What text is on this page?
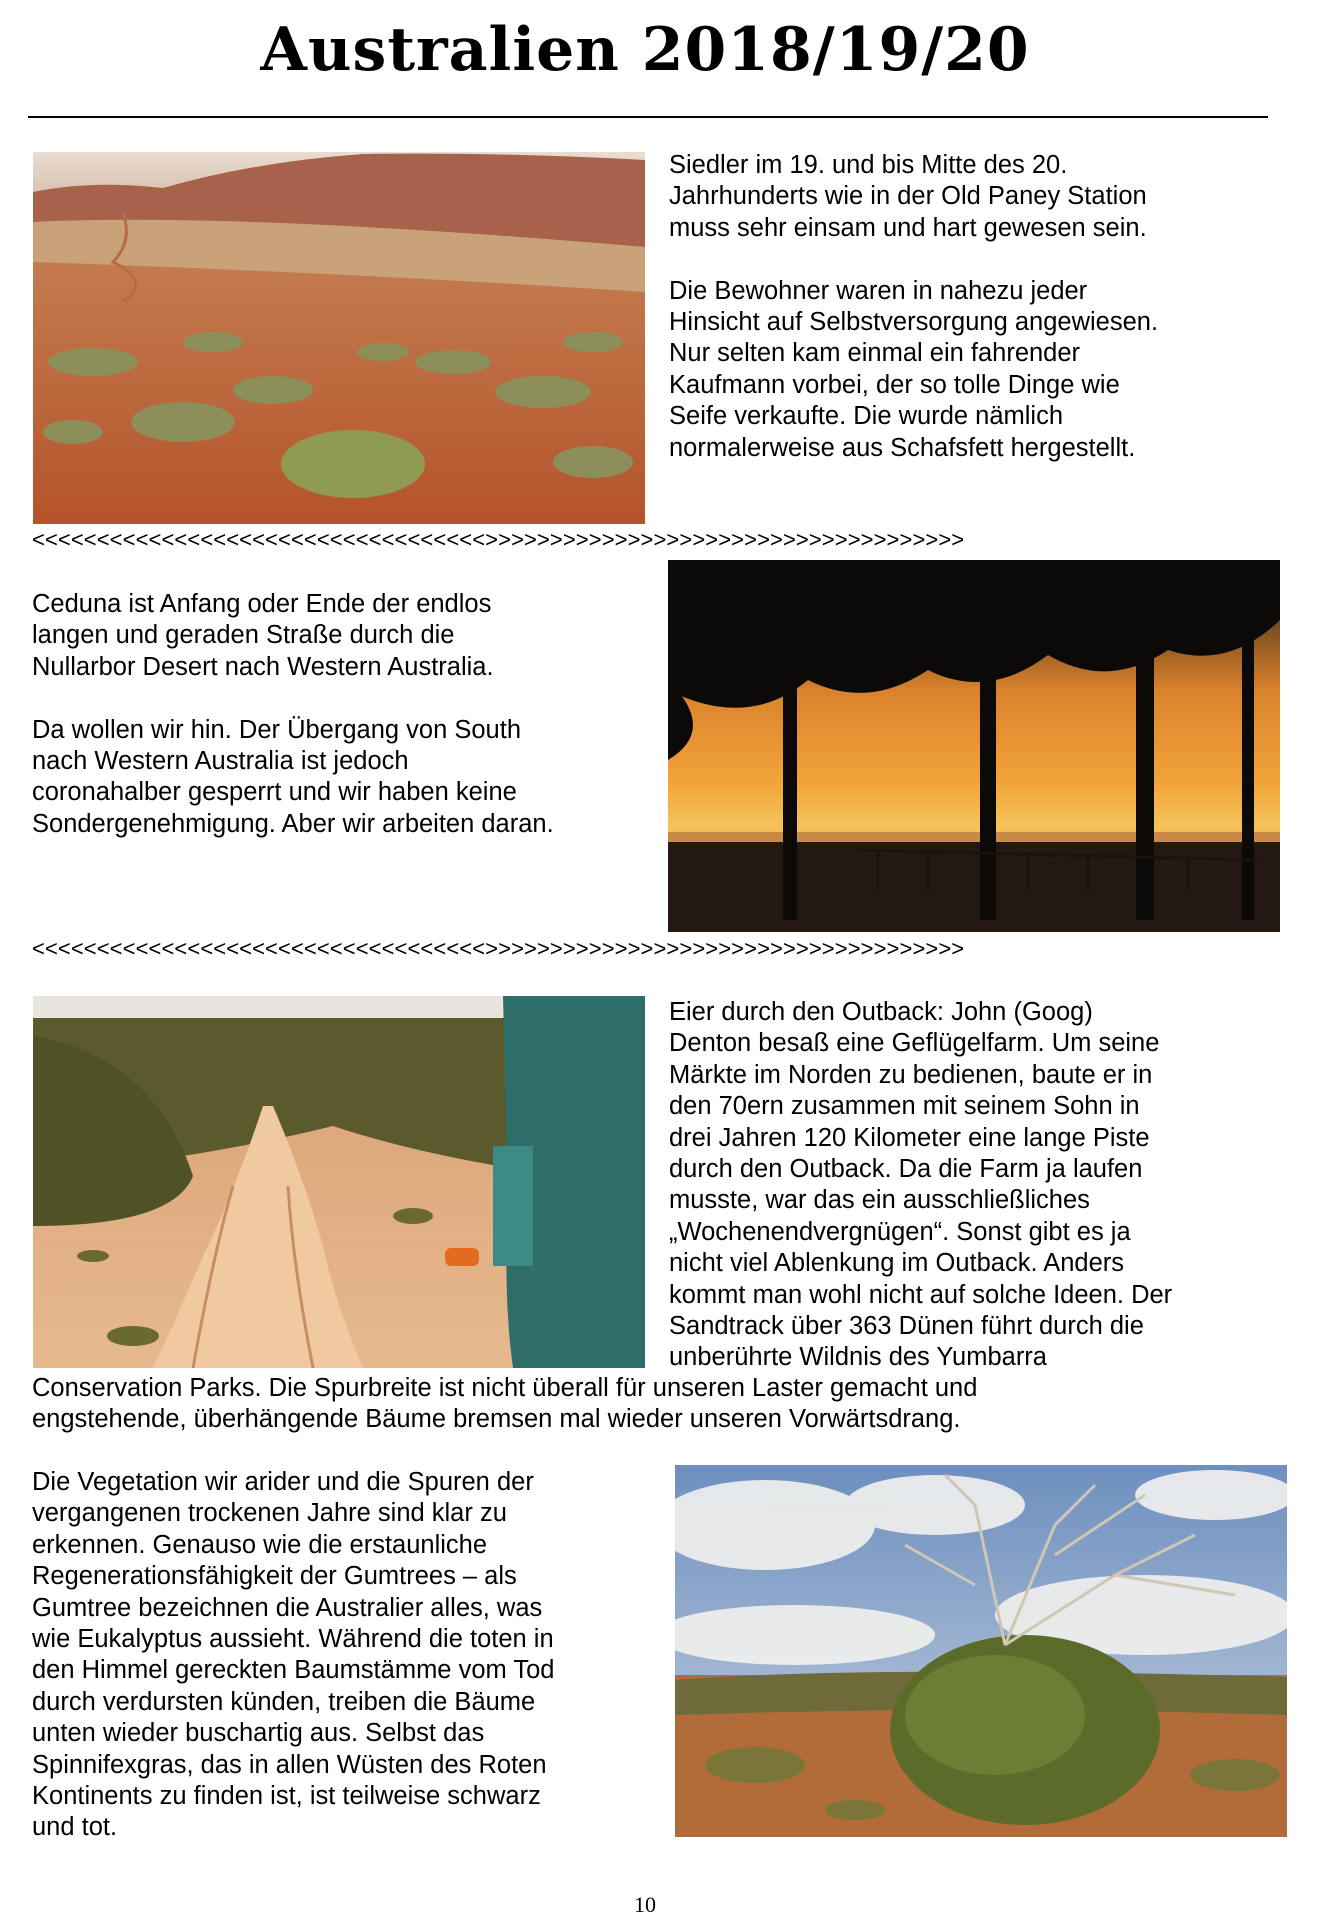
Australien 2018/19/20

Siedler im 19. und bis Mitte des 20.

Jahrhunderts wie in der Old Paney Station

muss sehr einsam und hart gewesen sein.

Die Bewohner waren in nahezu jeder

Hinsicht auf Selbstversorgung angewiesen.

Nur selten kam einmal ein fahrender

Kaufmann vorbei, der so tolle Dinge wie

Seife verkaufte. Die wurde nämlich

normalerweise aus Schafsfett hergestellt.

<<<<<<<<<<<<<<<<<<<<<<<<<<<<<<<<<<<>>>>>>>>>>>>>>>>>>>>>>>>>>>>>>>>>>>>>

Ceduna ist Anfang oder Ende der endlos

langen und geraden Straße durch die

Nullarbor Desert nach Western Australia.

Da wollen wir hin. Der Übergang von South

nach Western Australia ist jedoch

coronahalber gesperrt und wir haben keine

Sondergenehmigung. Aber wir arbeiten daran.

<<<<<<<<<<<<<<<<<<<<<<<<<<<<<<<<<<<>>>>>>>>>>>>>>>>>>>>>>>>>>>>>>>>>>>>>

Eier durch den Outback: John (Goog)

Denton besaß eine Geflügelfarm. Um seine

Märkte im Norden zu bedienen, baute er in

den 70ern zusammen mit seinem Sohn in

drei Jahren 120 Kilometer eine lange Piste

durch den Outback. Da die Farm ja laufen

musste, war das ein ausschließliches

„Wochenendvergnügen“. Sonst gibt es ja

nicht viel Ablenkung im Outback. Anders

kommt man wohl nicht auf solche Ideen. Der

Sandtrack über 363 Dünen führt durch die

unberührte Wildnis des Yumbarra

Conservation Parks. Die Spurbreite ist nicht überall für unseren Laster gemacht und

engstehende, überhängende Bäume bremsen mal wieder unseren Vorwärtsdrang.

Die Vegetation wir arider und die Spuren der

vergangenen trockenen Jahre sind klar zu

erkennen. Genauso wie die erstaunliche

Regenerationsfähigkeit der Gumtrees – als

Gumtree bezeichnen die Australier alles, was

wie Eukalyptus aussieht. Während die toten in

den Himmel gereckten Baumstämme vom Tod

durch verdursten künden, treiben die Bäume

unten wieder buschartig aus. Selbst das

Spinnifexgras, das in allen Wüsten des Roten

Kontinents zu finden ist, ist teilweise schwarz

und tot.

10
